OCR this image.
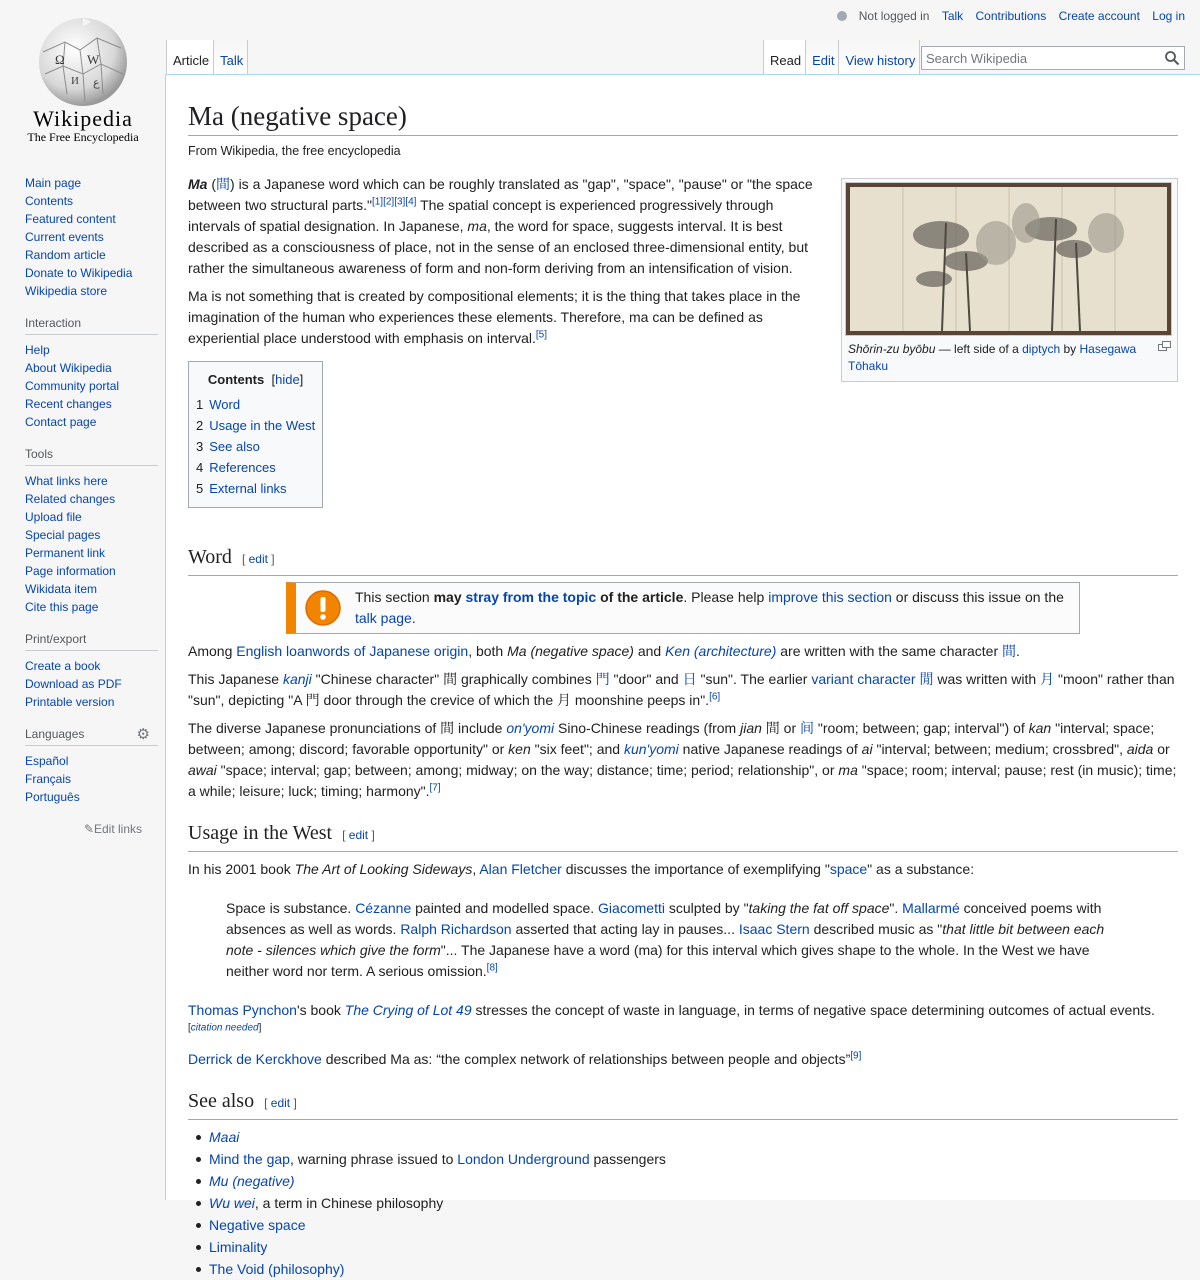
Ω W
И ع
Wikipedia
The Free Encyclopedia
Main page
Contents
Featured content
Current events
Random article
Donate to Wikipedia
Wikipedia store
Interaction
Help
About Wikipedia
Community portal
Recent changes
Contact page
Tools
What links here
Related changes
Upload file
Special pages
Permanent link
Page information
Wikidata item
Cite this page
Print/export
Create a book
Download as PDF
Printable version
Languages	⚙
Español
Français
Português
✎Edit links
Not logged in Talk Contributions Create account Log in
Article Talk	Read Edit View history
Search Wikipedia
Ma (negative space)
From Wikipedia, the free encyclopedia
Shōrin-zu byōbu — left side of a diptych by Hasegawa Tōhaku

Ma (間) is a Japanese word which can be roughly translated as "gap", "space", "pause" or "the space between two structural parts."[1][2][3][4] The spatial concept is experienced progressively through intervals of spatial designation. In Japanese, ma, the word for space, suggests interval. It is best described as a consciousness of place, not in the sense of an enclosed three-dimensional entity, but rather the simultaneous awareness of form and non-form deriving from an intensification of vision.

Ma is not something that is created by compositional elements; it is the thing that takes place in the imagination of the human who experiences these elements. Therefore, ma can be defined as experiential place understood with emphasis on interval.[5]

Contents  [hide]
1 Word
2 Usage in the West
3 See also
4 References
5 External links
Word [ edit ]
This section may stray from the topic of the article. Please help improve this section or discuss this issue on the talk page.

Among English loanwords of Japanese origin, both Ma (negative space) and Ken (architecture) are written with the same character 間.

This Japanese kanji "Chinese character" 間 graphically combines 門 "door" and 日 "sun". The earlier variant character 閒 was written with 月 "moon" rather than "sun", depicting "A 門 door through the crevice of which the 月 moonshine peeps in".[6]

The diverse Japanese pronunciations of 間 include on'yomi Sino-Chinese readings (from jian 間 or 间 "room; between; gap; interval") of kan "interval; space; between; among; discord; favorable opportunity" or ken "six feet"; and kun'yomi native Japanese readings of ai "interval; between; medium; crossbred", aida or awai "space; interval; gap; between; among; midway; on the way; distance; time; period; relationship", or ma "space; room; interval; pause; rest (in music); time; a while; leisure; luck; timing; harmony".[7]

Usage in the West [ edit ]

In his 2001 book The Art of Looking Sideways, Alan Fletcher discusses the importance of exemplifying "space" as a substance:

Space is substance. Cézanne painted and modelled space. Giacometti sculpted by "taking the fat off space". Mallarmé conceived poems with absences as well as words. Ralph Richardson asserted that acting lay in pauses... Isaac Stern described music as "that little bit between each note - silences which give the form"... The Japanese have a word (ma) for this interval which gives shape to the whole. In the West we have neither word nor term. A serious omission.[8]

Thomas Pynchon's book The Crying of Lot 49 stresses the concept of waste in language, in terms of negative space determining outcomes of actual events.[citation needed]

Derrick de Kerckhove described Ma as: “the complex network of relationships between people and objects”[9]

See also [ edit ]
Maai
Mind the gap, warning phrase issued to London Underground passengers
Mu (negative)
Wu wei, a term in Chinese philosophy
Negative space
Liminality
The Void (philosophy)
